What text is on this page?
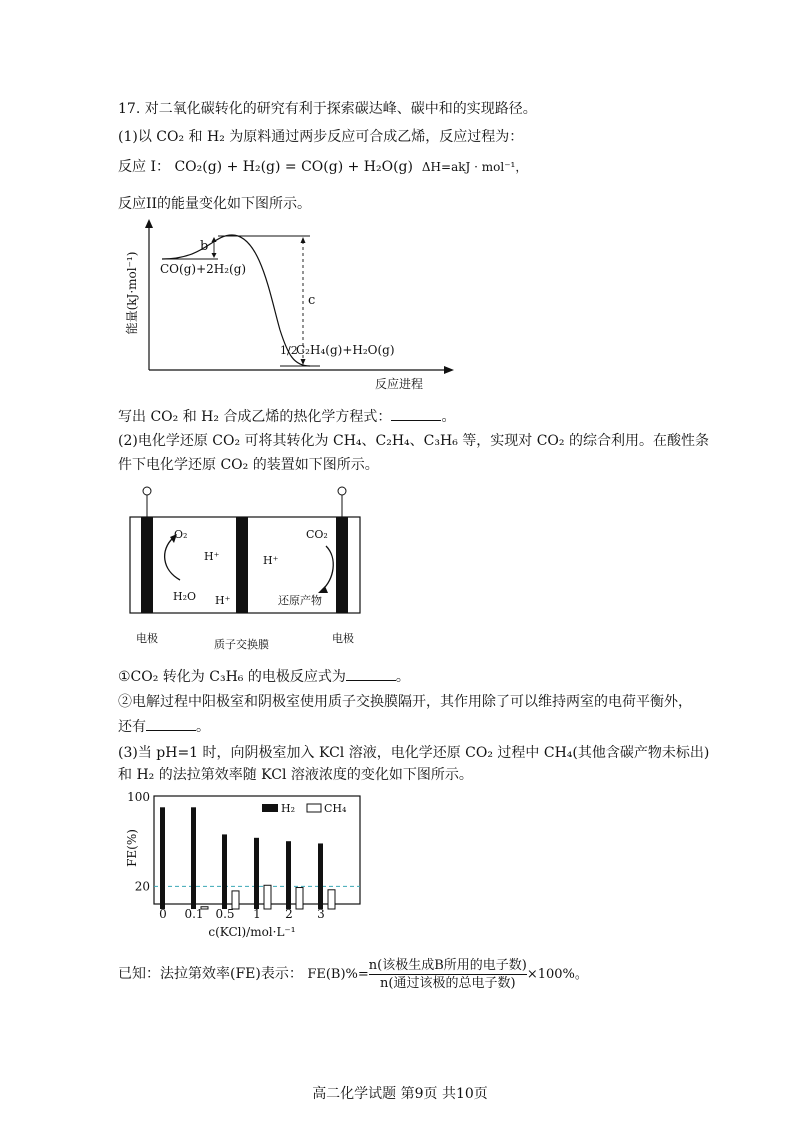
17. 对二氧化碳转化的研究有利于探索碳达峰、碳中和的实现路径。
(1)以 CO₂ 和 H₂ 为原料通过两步反应可合成乙烯，反应过程为：
反应 I： CO₂(g) + H₂(g) = CO(g) + H₂O(g) ΔH=akJ · mol⁻¹，
反应II的能量变化如下图所示。
能量(kJ·mol⁻¹)
反应进程
b
c
CO(g)+2H₂(g)
1/2
C₂H₄(g)+H₂O(g)
写出 CO₂ 和 H₂ 合成乙烯的热化学方程式：	。
(2)电化学还原 CO₂ 可将其转化为 CH₄、C₂H₄、C₃H₆ 等，实现对 CO₂ 的综合利用。在酸性条
件下电化学还原 CO₂ 的装置如下图所示。
O₂
H₂O
H⁺
H⁺
H⁺
CO₂
还原产物
电极	质子交换膜	电极
①CO₂ 转化为 C₃H₆ 的电极反应式为	。
②电解过程中阳极室和阴极室使用质子交换膜隔开，其作用除了可以维持两室的电荷平衡外，
还有	。
(3)当 pH=1 时，向阴极室加入 KCl 溶液，电化学还原 CO₂ 过程中 CH₄(其他含碳产物未标出)
和 H₂ 的法拉第效率随 KCl 溶液浓度的变化如下图所示。
0 0.1 0.5 1 2 3
100
20
FE(%)
c(KCl)/mol·L⁻¹
H₂	CH₄
已知：法拉第效率(FE)表示： $FE(B)\%= \frac{\text{n(该极生成B所用的电子数)}}{\text{n(通过该极的总电子数)}} \times 100\%$。
高二化学试题 第9页 共10页
